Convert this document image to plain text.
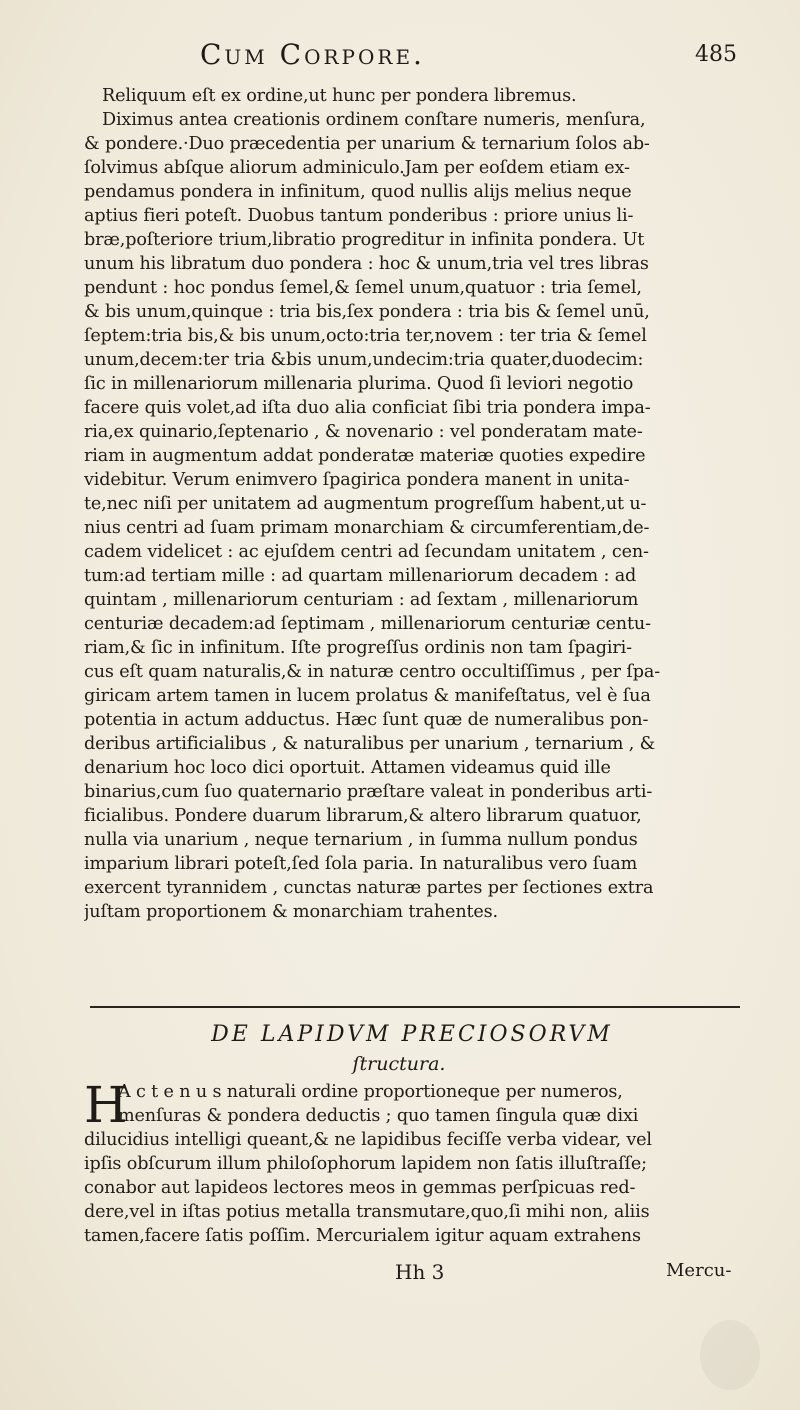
Cum Corpore.	485
Reliquum eſt ex ordine,ut hunc per pondera libremus.
Diximus antea creationis ordinem conſtare numeris, menſura,
& pondere.·Duo præcedentia per unarium & ternarium ſolos ab-
ſolvimus abſque aliorum adminiculo.Jam per eoſdem etiam ex-
pendamus pondera in infinitum, quod nullis alijs melius neque
aptius fieri poteſt. Duobus tantum ponderibus : priore unius li-
bræ,poſteriore trium,libratio progreditur in infinita pondera. Ut
unum his libratum duo pondera : hoc & unum,tria vel tres libras
pendunt : hoc pondus ſemel,& ſemel unum,quatuor : tria ſemel,
& bis unum,quinque : tria bis,ſex pondera : tria bis & ſemel unū,
ſeptem:tria bis,& bis unum,octo:tria ter,novem : ter tria & ſemel
unum,decem:ter tria &bis unum,undecim:tria quater,duodecim:
ſic in millenariorum millenaria plurima. Quod ſi leviori negotio
facere quis volet,ad iſta duo alia conficiat ſibi tria pondera impa-
ria,ex quinario,ſeptenario , & novenario : vel ponderatam mate-
riam in augmentum addat ponderatæ materiæ quoties expedire
videbitur. Verum enimvero ſpagirica pondera manent in unita-
te,nec niſi per unitatem ad augmentum progreſſum habent,ut u-
nius centri ad ſuam primam monarchiam & circumferentiam,de-
cadem videlicet : ac ejuſdem centri ad ſecundam unitatem , cen-
tum:ad tertiam mille : ad quartam millenariorum decadem : ad
quintam , millenariorum centuriam : ad ſextam , millenariorum
centuriæ decadem:ad ſeptimam , millenariorum centuriæ centu-
riam,& ſic in infinitum. Iſte progreſſus ordinis non tam ſpagiri-
cus eſt quam naturalis,& in naturæ centro occultiſſimus , per ſpa-
giricam artem tamen in lucem prolatus & manifeſtatus, vel è ſua
potentia in actum adductus. Hæc ſunt quæ de numeralibus pon-
deribus artificialibus , & naturalibus per unarium , ternarium , &
denarium hoc loco dici oportuit. Attamen videamus quid ille
binarius,cum ſuo quaternario præſtare valeat in ponderibus arti-
ficialibus. Pondere duarum librarum,& altero librarum quatuor,
nulla via unarium , neque ternarium , in ſumma nullum pondus
imparium librari poteſt,ſed ſola paria. In naturalibus vero ſuam
exercent tyrannidem , cunctas naturæ partes per ſectiones extra
juſtam proportionem & monarchiam trahentes.
DE LAPIDVM PRECIOSORVM
ſtructura.
H
A c t e n u s naturali ordine proportioneque per numeros,
menſuras & pondera deductis ; quo tamen ſingula quæ dixi
dilucidius intelligi queant,& ne lapidibus feciſſe verba videar, vel
ipſis obſcurum illum philoſophorum lapidem non ſatis illuſtraſſe;
conabor aut lapideos lectores meos in gemmas perſpicuas red-
dere,vel in iſtas potius metalla transmutare,quo,ſi mihi non, aliis
tamen,facere ſatis poſſim. Mercurialem igitur aquam extrahens
Hh 3	Mercu-
